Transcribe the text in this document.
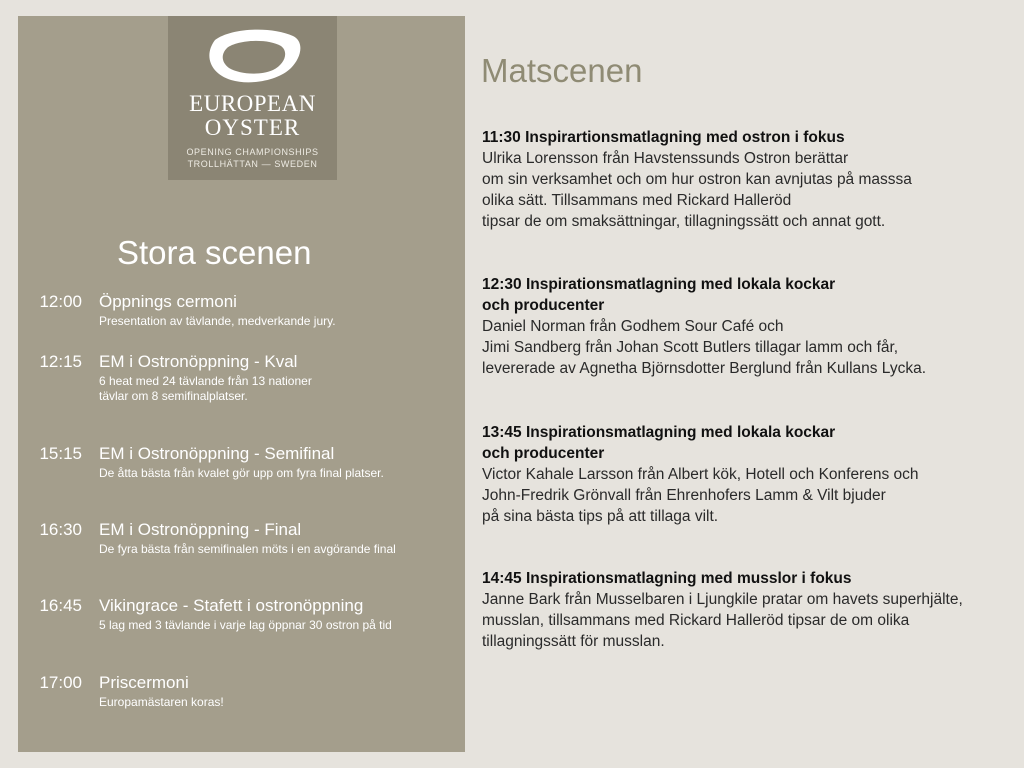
EUROPEAN
OYSTER
OPENING CHAMPIONSHIPS
TROLLHÄTTAN — SWEDEN
Stora scenen
12:00 Öppnings cermoni
Presentation av tävlande, medverkande jury.
12:15 EM i Ostronöppning - Kval
6 heat med 24 tävlande från 13 nationer
tävlar om 8 semifinalplatser.
15:15 EM i Ostronöppning - Semifinal
De åtta bästa från kvalet gör upp om fyra final platser.
16:30 EM i Ostronöppning - Final
De fyra bästa från semifinalen möts i en avgörande final
16:45 Vikingrace - Stafett i ostronöppning
5 lag med 3 tävlande i varje lag öppnar 30 ostron på tid
17:00 Priscermoni
Europamästaren koras!
Matscenen
11:30 Inspirartionsmatlagning med ostron i fokus
Ulrika Lorensson från Havstenssunds Ostron berättar
om sin verksamhet och om hur ostron kan avnjutas på masssa
olika sätt. Tillsammans med Rickard Halleröd
tipsar de om smaksättningar, tillagningssätt och annat gott.
12:30 Inspirationsmatlagning med lokala kockar
och producenter
Daniel Norman från Godhem Sour Café och
Jimi Sandberg från Johan Scott Butlers tillagar lamm och får,
levererade av Agnetha Björnsdotter Berglund från Kullans Lycka.
13:45 Inspirationsmatlagning med lokala kockar
och producenter
Victor Kahale Larsson från Albert kök, Hotell och Konferens och
John-Fredrik Grönvall från Ehrenhofers Lamm & Vilt bjuder
på sina bästa tips på att tillaga vilt.
14:45 Inspirationsmatlagning med musslor i fokus
Janne Bark från Musselbaren i Ljungkile pratar om havets superhjälte,
musslan, tillsammans med Rickard Halleröd tipsar de om olika
tillagningssätt för musslan.
